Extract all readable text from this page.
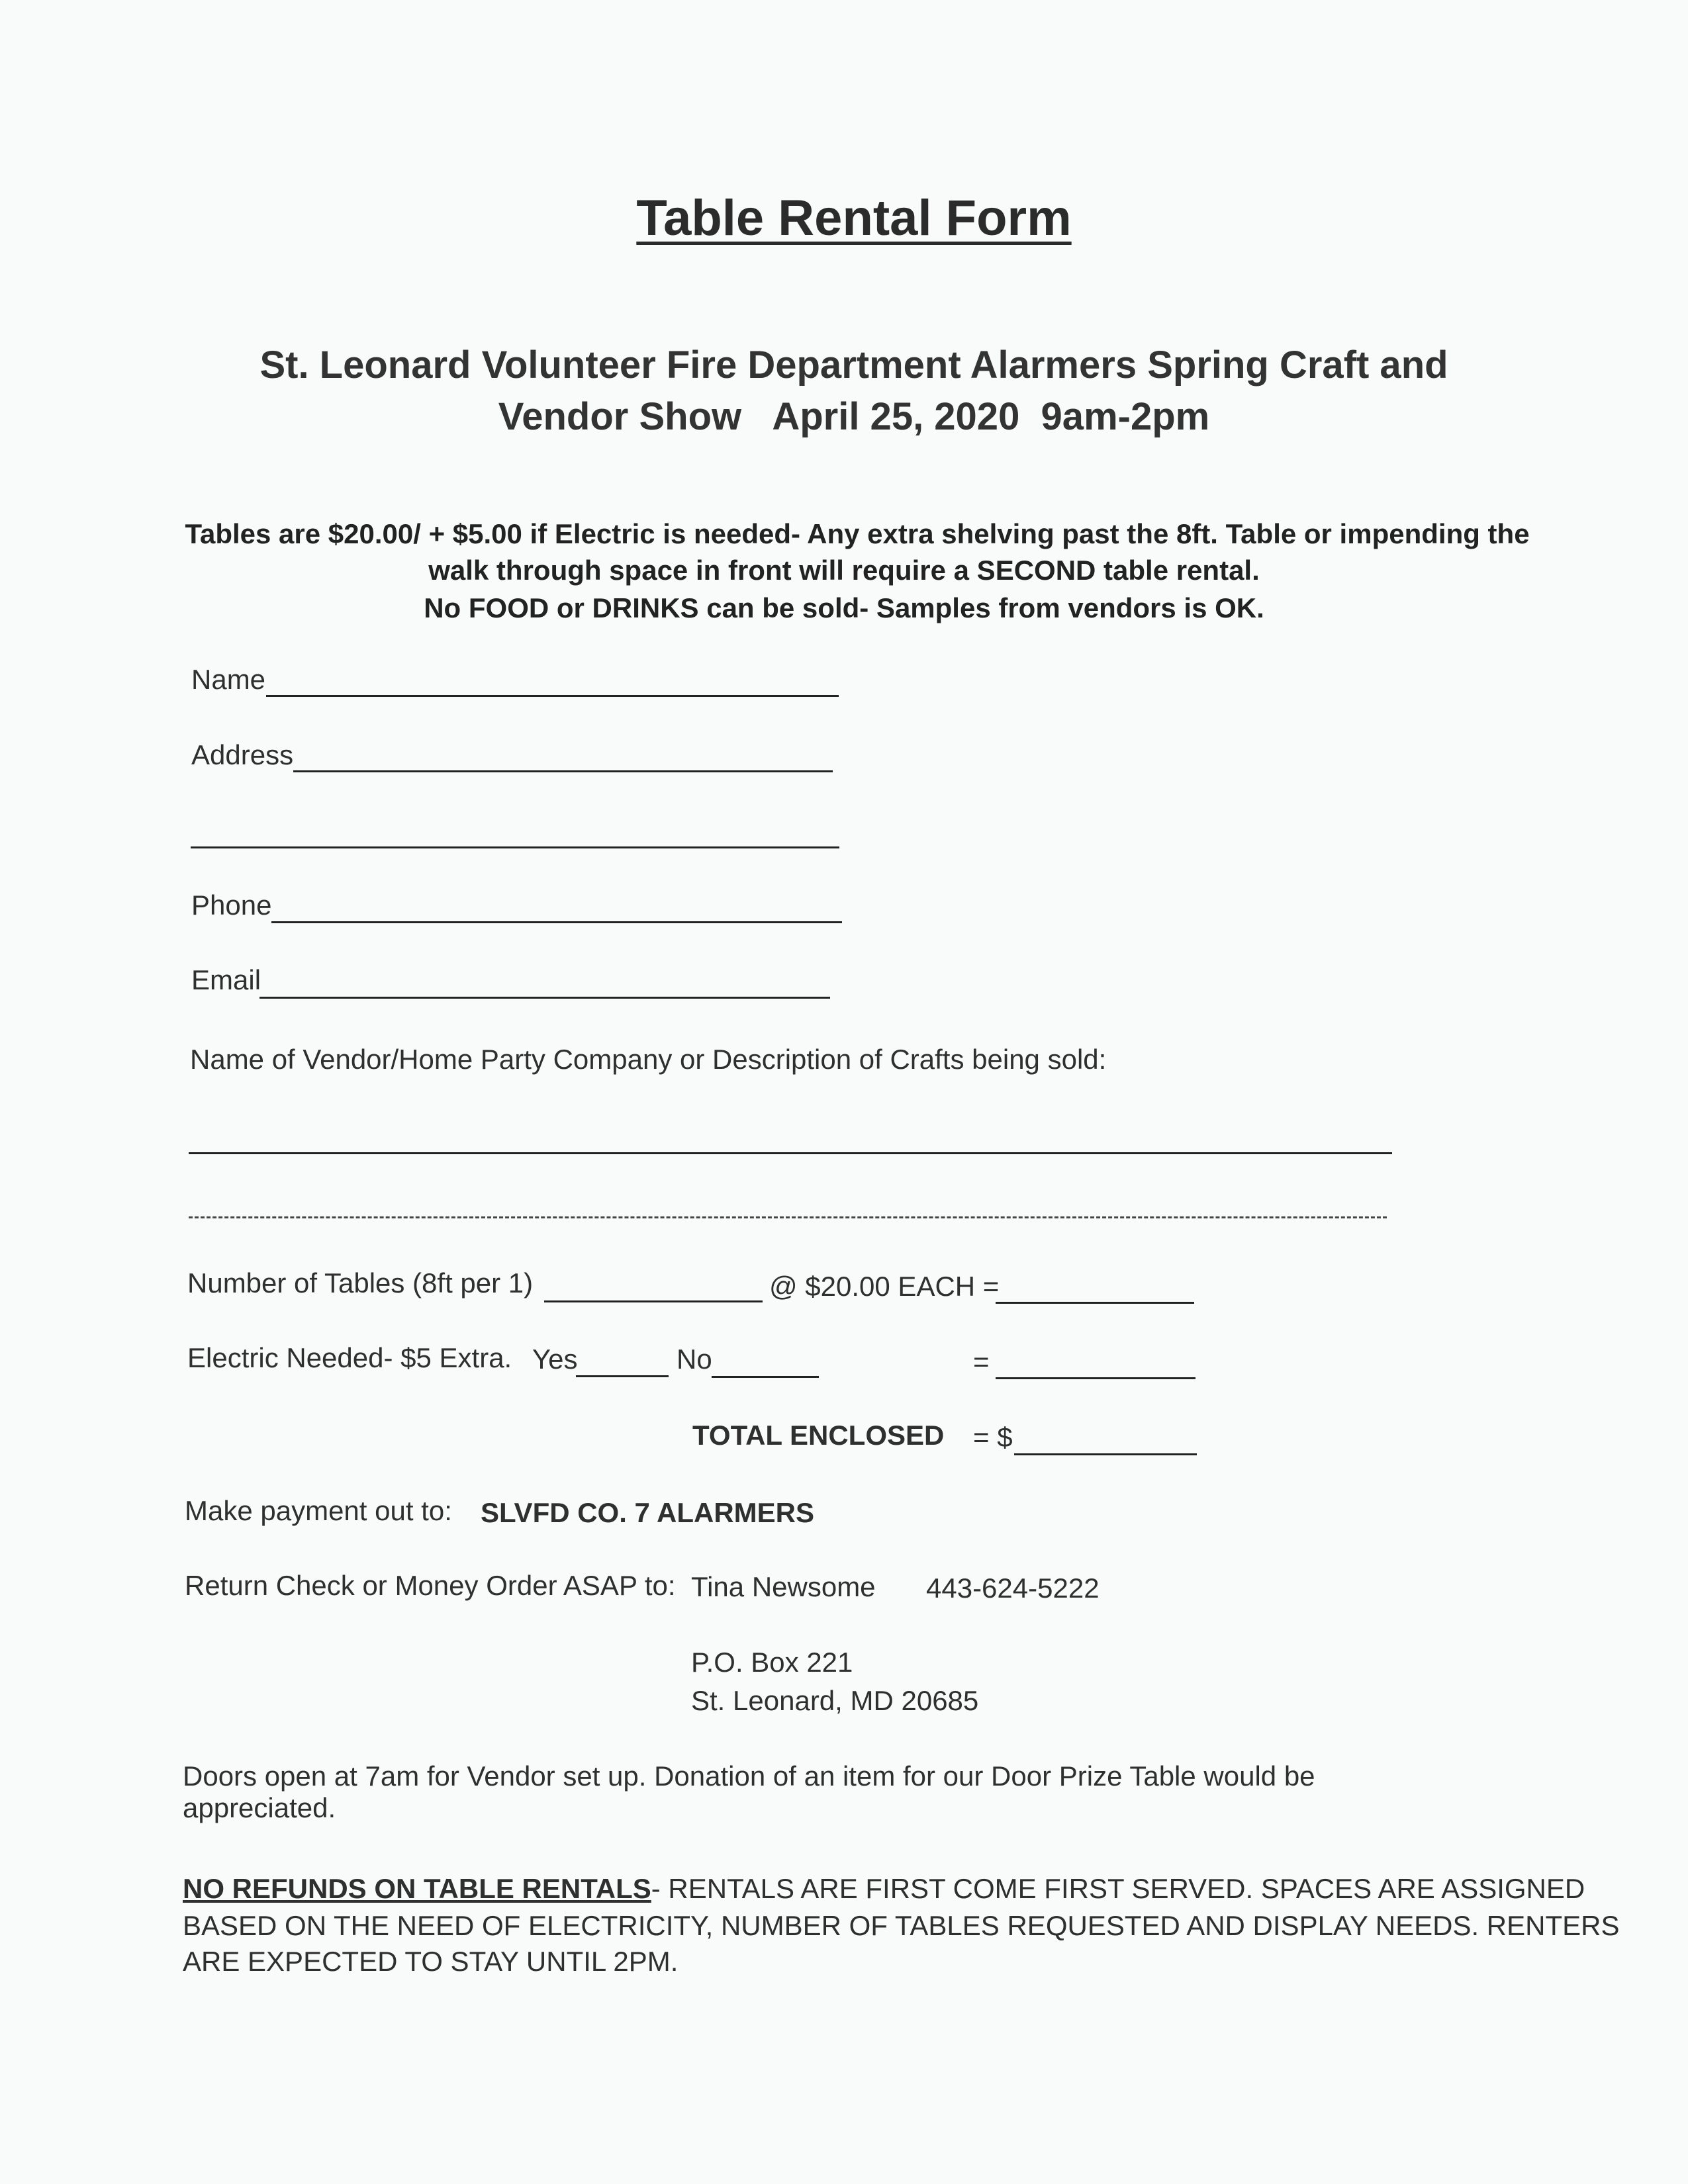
Table Rental Form
St. Leonard Volunteer Fire Department Alarmers Spring Craft and
Vendor Show   April 25, 2020  9am-2pm
Tables are $20.00/ + $5.00 if Electric is needed- Any extra shelving past the 8ft. Table or impending the
walk through space in front will require a SECOND table rental.
No FOOD or DRINKS can be sold- Samples from vendors is OK.
Name
Address
Phone
Email
Name of Vendor/Home Party Company or Description of Crafts being sold:
Number of Tables (8ft per 1)	@ $20.00 EACH =
Electric Needed- $5 Extra. Yes	No	=
TOTAL ENCLOSED = $
Make payment out to: SLVFD CO. 7 ALARMERS
Return Check or Money Order ASAP to: Tina Newsome 443-624-5222
P.O. Box 221
St. Leonard, MD 20685
Doors open at 7am for Vendor set up. Donation of an item for our Door Prize Table would be
appreciated.
NO REFUNDS ON TABLE RENTALS- RENTALS ARE FIRST COME FIRST SERVED. SPACES ARE ASSIGNED
BASED ON THE NEED OF ELECTRICITY, NUMBER OF TABLES REQUESTED AND DISPLAY NEEDS. RENTERS
ARE EXPECTED TO STAY UNTIL 2PM.
